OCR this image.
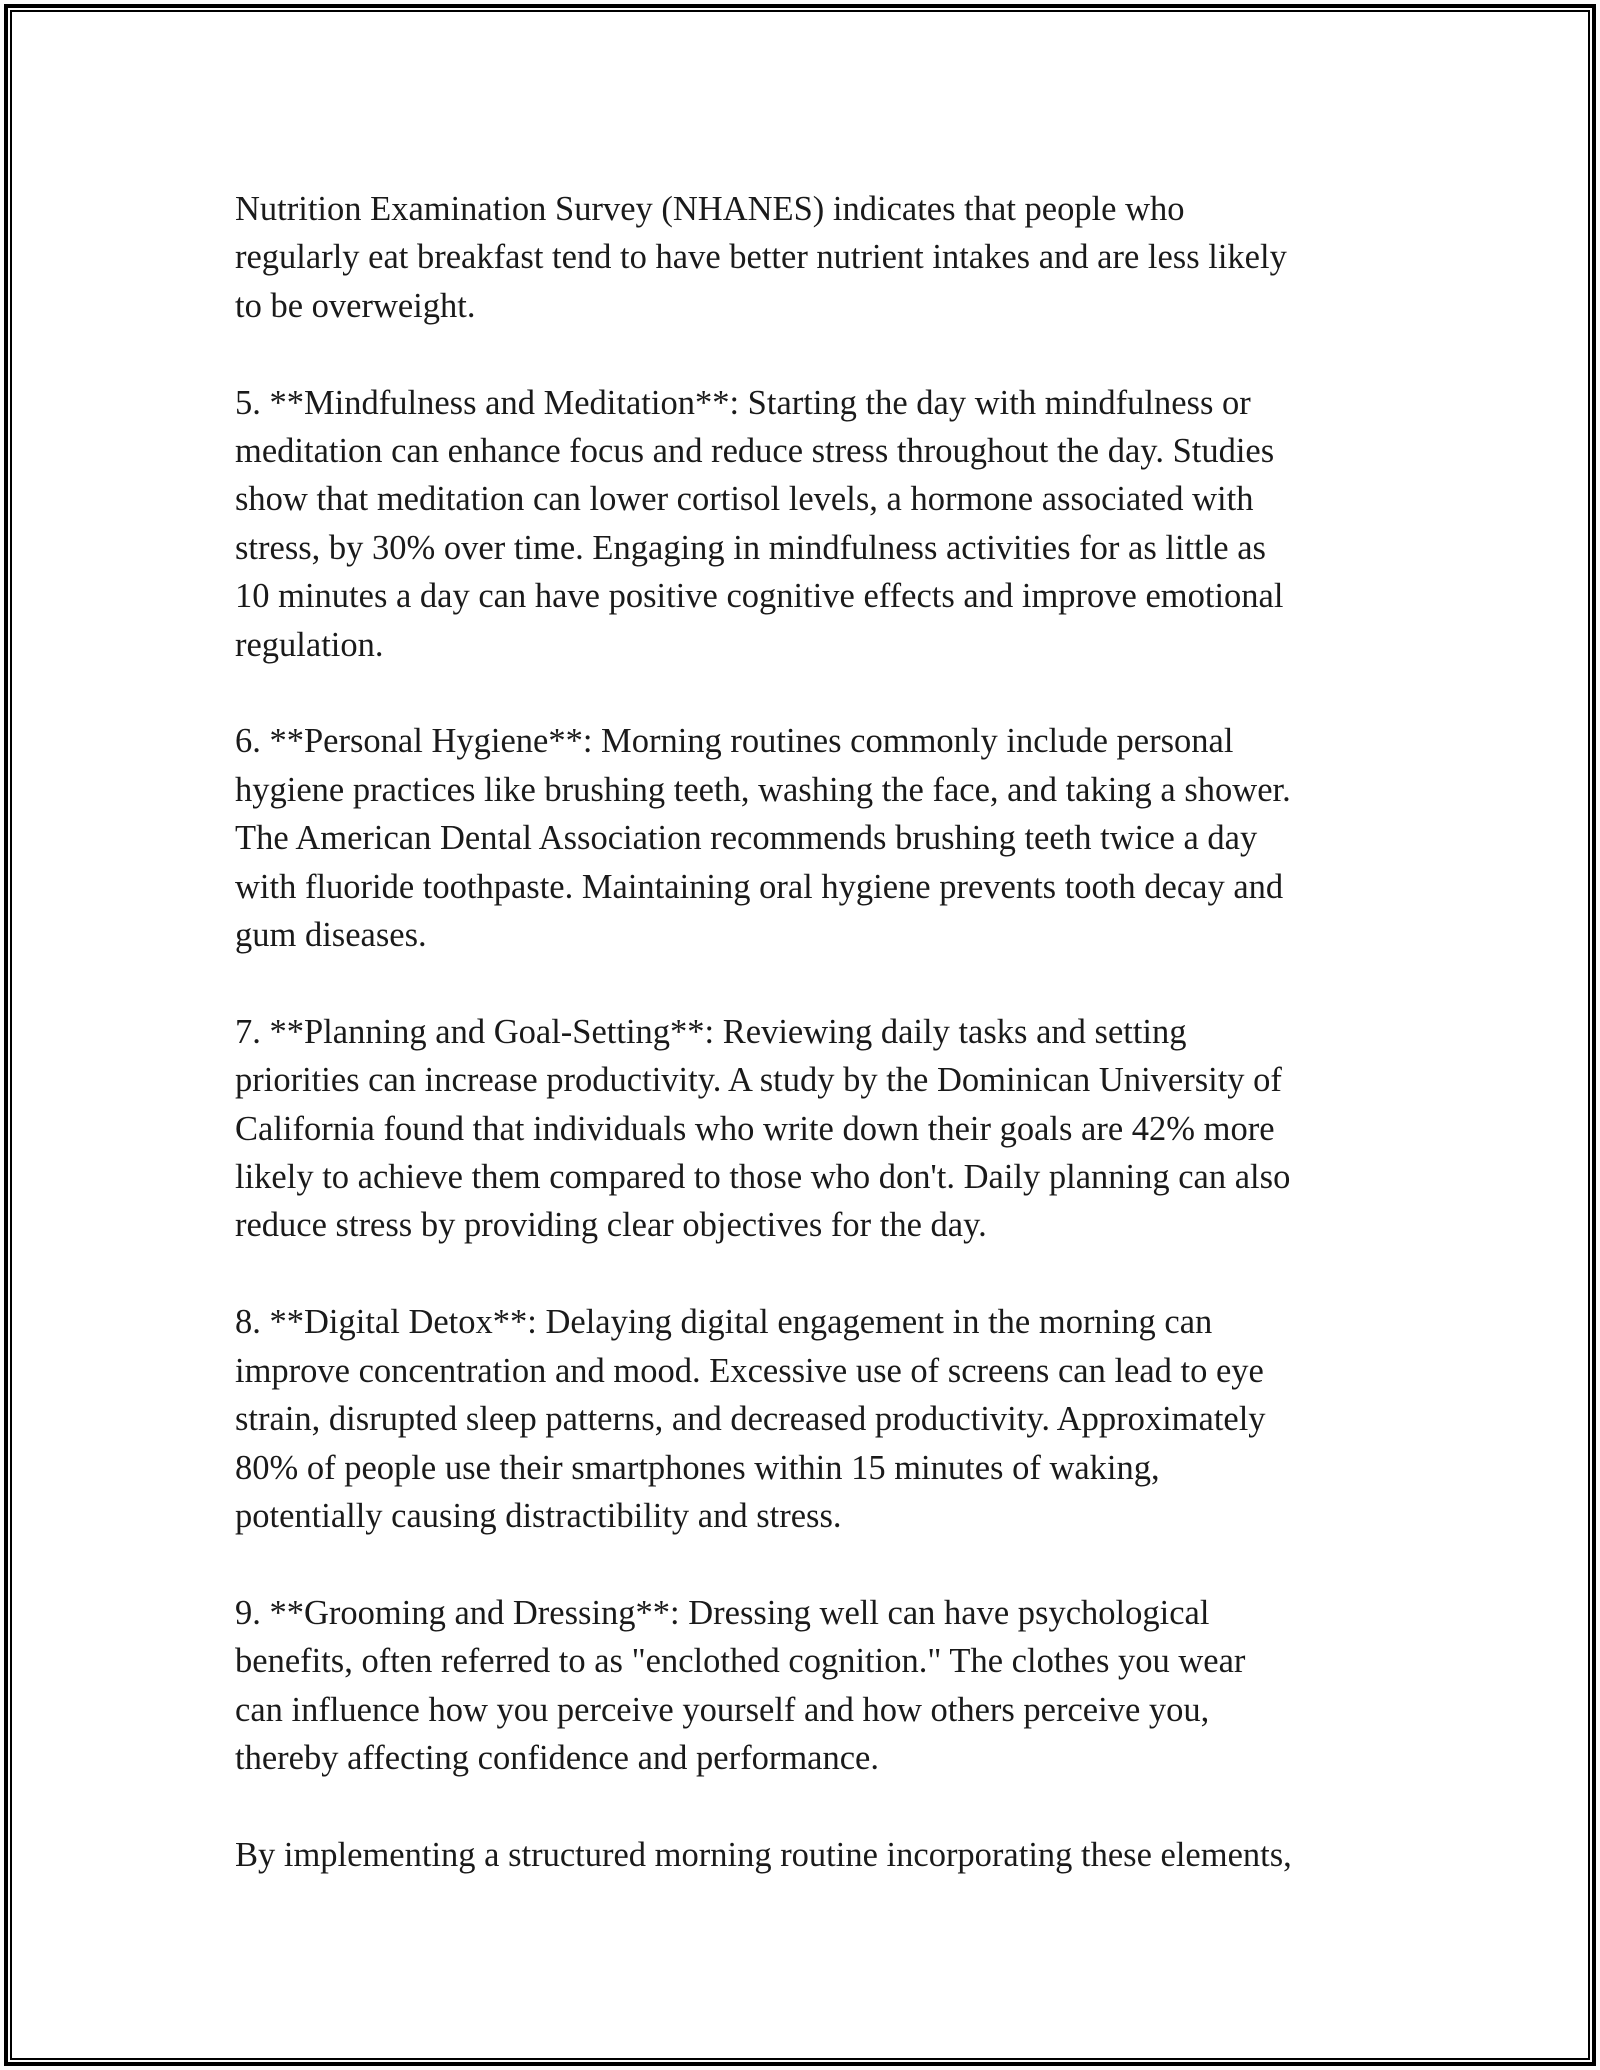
Nutrition Examination Survey (NHANES) indicates that people who
regularly eat breakfast tend to have better nutrient intakes and are less likely
to be overweight.

5. **Mindfulness and Meditation**: Starting the day with mindfulness or
meditation can enhance focus and reduce stress throughout the day. Studies
show that meditation can lower cortisol levels, a hormone associated with
stress, by 30% over time. Engaging in mindfulness activities for as little as
10 minutes a day can have positive cognitive effects and improve emotional
regulation.

6. **Personal Hygiene**: Morning routines commonly include personal
hygiene practices like brushing teeth, washing the face, and taking a shower.
The American Dental Association recommends brushing teeth twice a day
with fluoride toothpaste. Maintaining oral hygiene prevents tooth decay and
gum diseases.

7. **Planning and Goal-Setting**: Reviewing daily tasks and setting
priorities can increase productivity. A study by the Dominican University of
California found that individuals who write down their goals are 42% more
likely to achieve them compared to those who don't. Daily planning can also
reduce stress by providing clear objectives for the day.

8. **Digital Detox**: Delaying digital engagement in the morning can
improve concentration and mood. Excessive use of screens can lead to eye
strain, disrupted sleep patterns, and decreased productivity. Approximately
80% of people use their smartphones within 15 minutes of waking,
potentially causing distractibility and stress.

9. **Grooming and Dressing**: Dressing well can have psychological
benefits, often referred to as "enclothed cognition." The clothes you wear
can influence how you perceive yourself and how others perceive you,
thereby affecting confidence and performance.

By implementing a structured morning routine incorporating these elements,
